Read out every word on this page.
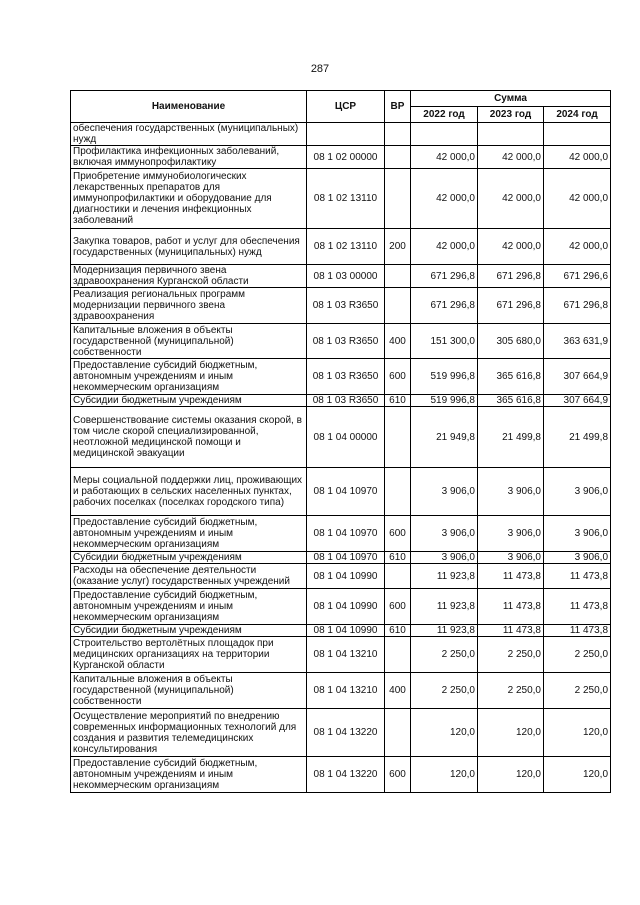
287
Наименование	ЦСР	ВР	Сумма		
			2022 год	2023 год	2024 год
обеспечения государственных (муниципальных) нужд					
Профилактика инфекционных заболеваний, включая иммунопрофилактику	08 1 02 00000		42 000,0	42 000,0	42 000,0
Приобретение иммунобиологических лекарственных препаратов для иммунопрофилактики и оборудование для диагностики и лечения инфекционных заболеваний	08 1 02 13110		42 000,0	42 000,0	42 000,0
Закупка товаров, работ и услуг для обеспечения государственных (муниципальных) нужд	08 1 02 13110	200	42 000,0	42 000,0	42 000,0
Модернизация первичного звена здравоохранения Курганской области	08 1 03 00000		671 296,8	671 296,8	671 296,6
Реализация региональных программ модернизации первичного звена здравоохранения	08 1 03 R3650		671 296,8	671 296,8	671 296,8
Капитальные вложения в объекты государственной (муниципальной) собственности	08 1 03 R3650	400	151 300,0	305 680,0	363 631,9
Предоставление субсидий бюджетным, автономным учреждениям и иным некоммерческим организациям	08 1 03 R3650	600	519 996,8	365 616,8	307 664,9
Субсидии бюджетным учреждениям	08 1 03 R3650	610	519 996,8	365 616,8	307 664,9
Совершенствование системы оказания скорой, в том числе скорой специализированной, неотложной медицинской помощи и медицинской эвакуации	08 1 04 00000		21 949,8	21 499,8	21 499,8
Меры социальной поддержки лиц, проживающих и работающих в сельских населенных пунктах, рабочих поселках (поселках городского типа)	08 1 04 10970		3 906,0	3 906,0	3 906,0
Предоставление субсидий бюджетным, автономным учреждениям и иным некоммерческим организациям	08 1 04 10970	600	3 906,0	3 906,0	3 906,0
Субсидии бюджетным учреждениям	08 1 04 10970	610	3 906,0	3 906,0	3 906,0
Расходы на обеспечение деятельности (оказание услуг) государственных учреждений	08 1 04 10990		11 923,8	11 473,8	11 473,8
Предоставление субсидий бюджетным, автономным учреждениям и иным некоммерческим организациям	08 1 04 10990	600	11 923,8	11 473,8	11 473,8
Субсидии бюджетным учреждениям	08 1 04 10990	610	11 923,8	11 473,8	11 473,8
Строительство вертолётных площадок при медицинских организациях на территории Курганской области	08 1 04 13210		2 250,0	2 250,0	2 250,0
Капитальные вложения в объекты государственной (муниципальной) собственности	08 1 04 13210	400	2 250,0	2 250,0	2 250,0
Осуществление мероприятий по внедрению современных информационных технологий для создания и развития телемедицинских консультирования	08 1 04 13220		120,0	120,0	120,0
Предоставление субсидий бюджетным, автономным учреждениям и иным некоммерческим организациям	08 1 04 13220	600	120,0	120,0	120,0
